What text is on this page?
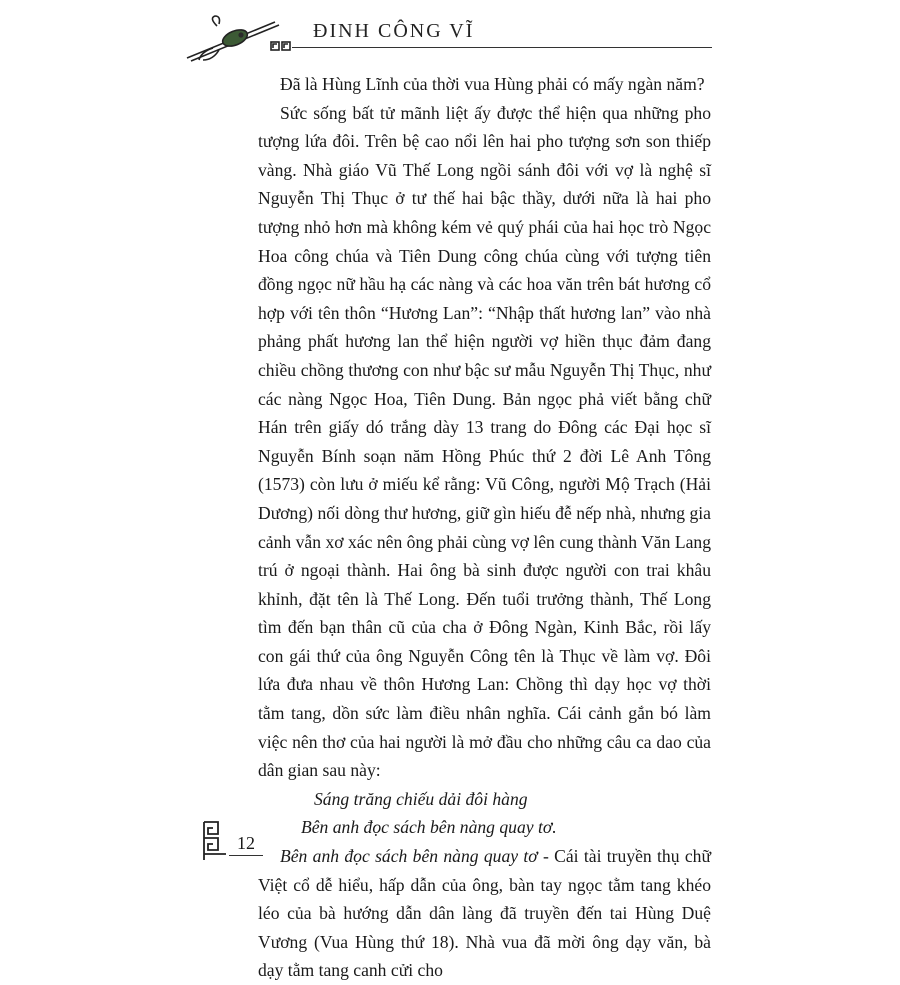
ĐINH CÔNG VĨ

Đã là Hùng Lĩnh của thời vua Hùng phải có mấy ngàn năm?

Sức sống bất tử mãnh liệt ấy được thể hiện qua những pho tượng lứa đôi. Trên bệ cao nổi lên hai pho tượng sơn son thiếp vàng. Nhà giáo Vũ Thế Long ngồi sánh đôi với vợ là nghệ sĩ Nguyễn Thị Thục ở tư thế hai bậc thầy, dưới nữa là hai pho tượng nhỏ hơn mà không kém vẻ quý phái của hai học trò Ngọc Hoa công chúa và Tiên Dung công chúa cùng với tượng tiên đồng ngọc nữ hầu hạ các nàng và các hoa văn trên bát hương cổ hợp với tên thôn “Hương Lan”: “Nhập thất hương lan” vào nhà phảng phất hương lan thể hiện người vợ hiền thục đảm đang chiều chồng thương con như bậc sư mẫu Nguyễn Thị Thục, như các nàng Ngọc Hoa, Tiên Dung. Bản ngọc phả viết bằng chữ Hán trên giấy dó trắng dày 13 trang do Đông các Đại học sĩ Nguyễn Bính soạn năm Hồng Phúc thứ 2 đời Lê Anh Tông (1573) còn lưu ở miếu kể rằng: Vũ Công, người Mộ Trạch (Hải Dương) nối dòng thư hương, giữ gìn hiếu đễ nếp nhà, nhưng gia cảnh vẫn xơ xác nên ông phải cùng vợ lên cung thành Văn Lang trú ở ngoại thành. Hai ông bà sinh được người con trai khâu khỉnh, đặt tên là Thế Long. Đến tuổi trưởng thành, Thế Long tìm đến bạn thân cũ của cha ở Đông Ngàn, Kinh Bắc, rồi lấy con gái thứ của ông Nguyễn Công tên là Thục về làm vợ. Đôi lứa đưa nhau về thôn Hương Lan: Chồng thì dạy học vợ thời tằm tang, dồn sức làm điều nhân nghĩa. Cái cảnh gắn bó làm việc nên thơ của hai người là mở đầu cho những câu ca dao của dân gian sau này:

Sáng trăng chiếu dải đôi hàng

Bên anh đọc sách bên nàng quay tơ.

Bên anh đọc sách bên nàng quay tơ - Cái tài truyền thụ chữ Việt cổ dễ hiểu, hấp dẫn của ông, bàn tay ngọc tằm tang khéo léo của bà hướng dẫn dân làng đã truyền đến tai Hùng Duệ Vương (Vua Hùng thứ 18). Nhà vua đã mời ông dạy văn, bà dạy tằm tang canh cửi cho

12
